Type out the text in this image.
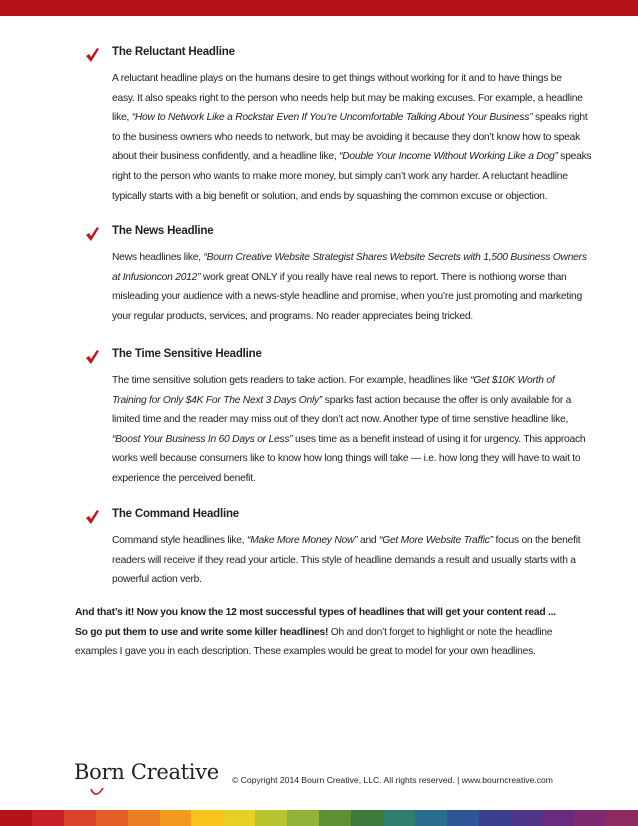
The Reluctant Headline
A reluctant headline plays on the humans desire to get things without working for it and to have things be
easy. It also speaks right to the person who needs help but may be making excuses. For example, a headline
like, “How to Network Like a Rockstar Even If You’re Uncomfortable Talking About Your Business” speaks right
to the business owners who needs to network, but may be avoiding it because they don’t know how to speak
about their business confidently, and a headline like, “Double Your Income Without Working Like a Dog” speaks
right to the person who wants to make more money, but simply can’t work any harder. A reluctant headline
typically starts with a big benefit or solution, and ends by squashing the common excuse or objection.
The News Headline
News headlines like, “Bourn Creative Website Strategist Shares Website Secrets with 1,500 Business Owners
at Infusioncon 2012” work great ONLY if you really have real news to report. There is nothiong worse than
misleading your audience with a news-style headline and promise, when you’re just promoting and marketing
your regular products, services, and programs. No reader appreciates being tricked.
The Time Sensitive Headline
The time sensitive solution gets readers to take action. For example, headlines like “Get $10K Worth of
Training for Only $4K For The Next 3 Days Only” sparks fast action because the offer is only available for a
limited time and the reader may miss out of they don’t act now. Another type of time senstive headline like,
“Boost Your Business In 60 Days or Less” uses time as a benefit instead of using it for urgency. This approach
works well because consumers like to know how long things will take — i.e. how long they will have to wait to
experience the perceived benefit.
The Command Headline
Command style headlines like, “Make More Money Now” and “Get More Website Traffic” focus on the benefit
readers will receive if they read your article. This style of headline demands a result and usually starts with a
powerful action verb.
And that’s it! Now you know the 12 most successful types of headlines that will get your content read ...
So go put them to use and write some killer headlines! Oh and don’t forget to highlight or note the headline
examples I gave you in each description. These examples would be great to model for your own headlines.
Born Creative © Copyright 2014 Bourn Creative, LLC. All rights reserved. | www.bourncreative.com
